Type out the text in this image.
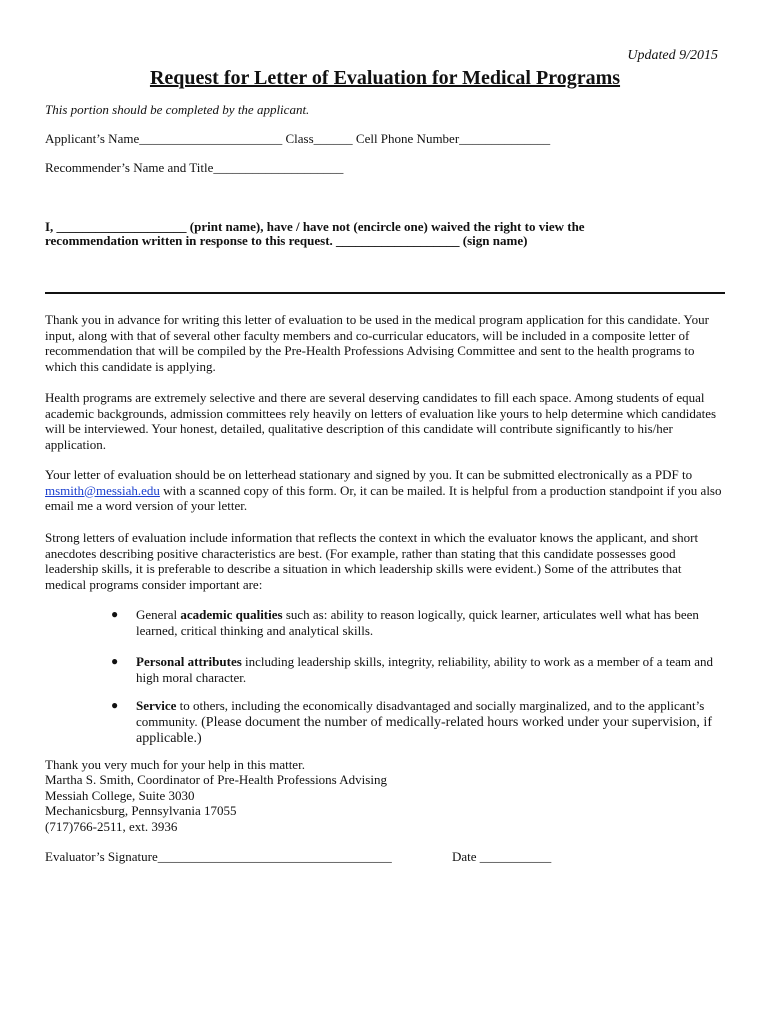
Updated 9/2015
Request for Letter of Evaluation for Medical Programs
This portion should be completed by the applicant.
Applicant’s Name______________________ Class______ Cell Phone Number______________
Recommender’s Name and Title____________________
I, ____________________ (print name), have / have not (encircle one) waived the right to view the
recommendation written in response to this request. ___________________ (sign name)

Thank you in advance for writing this letter of evaluation to be used in the medical program application for this candidate. Your input, along with that of several other faculty members and co-curricular educators, will be included in a composite letter of recommendation that will be compiled by the Pre-Health Professions Advising Committee and sent to the health programs to which this candidate is applying.

Health programs are extremely selective and there are several deserving candidates to fill each space. Among students of equal academic backgrounds, admission committees rely heavily on letters of evaluation like yours to help determine which candidates will be interviewed. Your honest, detailed, qualitative description of this candidate will contribute significantly to his/her application.

Your letter of evaluation should be on letterhead stationary and signed by you. It can be submitted electronically as a PDF to msmith@messiah.edu with a scanned copy of this form. Or, it can be mailed. It is helpful from a production standpoint if you also email me a word version of your letter.

Strong letters of evaluation include information that reflects the context in which the evaluator knows the applicant, and short anecdotes describing positive characteristics are best. (For example, rather than stating that this candidate possesses good leadership skills, it is preferable to describe a situation in which leadership skills were evident.) Some of the attributes that medical programs consider important are:

● General academic qualities such as: ability to reason logically, quick learner, articulates well what has been learned, critical thinking and analytical skills.
● Personal attributes including leadership skills, integrity, reliability, ability to work as a member of a team and high moral character.
● Service to others, including the economically disadvantaged and socially marginalized, and to the applicant’s community. (Please document the number of medically-related hours worked under your supervision, if applicable.)
Thank you very much for your help in this matter.
Martha S. Smith, Coordinator of Pre-Health Professions Advising
Messiah College, Suite 3030
Mechanicsburg, Pennsylvania 17055
(717)766-2511, ext. 3936
Evaluator’s Signature____________________________________	Date ___________
